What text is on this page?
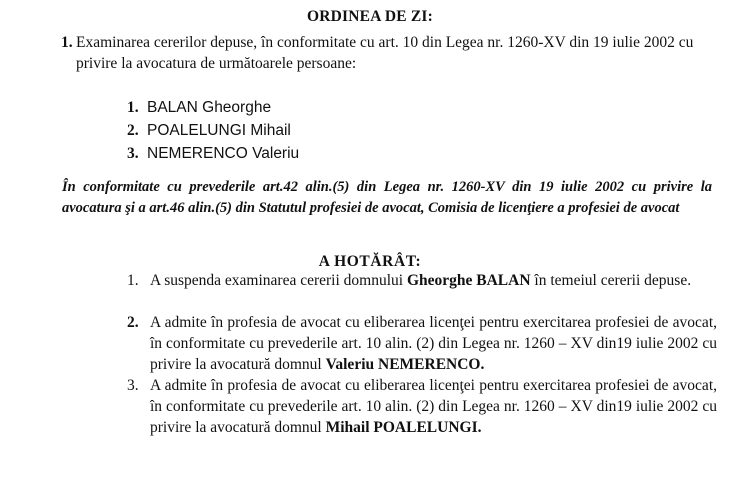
ORDINEA DE ZI:
1. Examinarea cererilor depuse, în conformitate cu art. 10 din Legea nr. 1260-XV din 19 iulie 2002 cu privire la avocatura de următoarele persoane:
1. BALAN Gheorghe
2. POALELUNGI Mihail
3. NEMERENCO Valeriu
În conformitate cu prevederile art.42 alin.(5) din Legea nr. 1260-XV din 19 iulie 2002 cu privire la avocatura şi a art.46 alin.(5) din Statutul profesiei de avocat, Comisia de licenţiere a profesiei de avocat
A HOTĂRÂT:
1. A suspenda examinarea cererii domnului Gheorghe BALAN în temeiul cererii depuse.
2. A admite în profesia de avocat cu eliberarea licenţei pentru exercitarea profesiei de avocat, în conformitate cu prevederile art. 10 alin. (2) din Legea nr. 1260 – XV din19 iulie 2002 cu privire la avocatură domnul Valeriu NEMERENCO.
3. A admite în profesia de avocat cu eliberarea licenţei pentru exercitarea profesiei de avocat, în conformitate cu prevederile art. 10 alin. (2) din Legea nr. 1260 – XV din19 iulie 2002 cu privire la avocatură domnul Mihail POALELUNGI.
